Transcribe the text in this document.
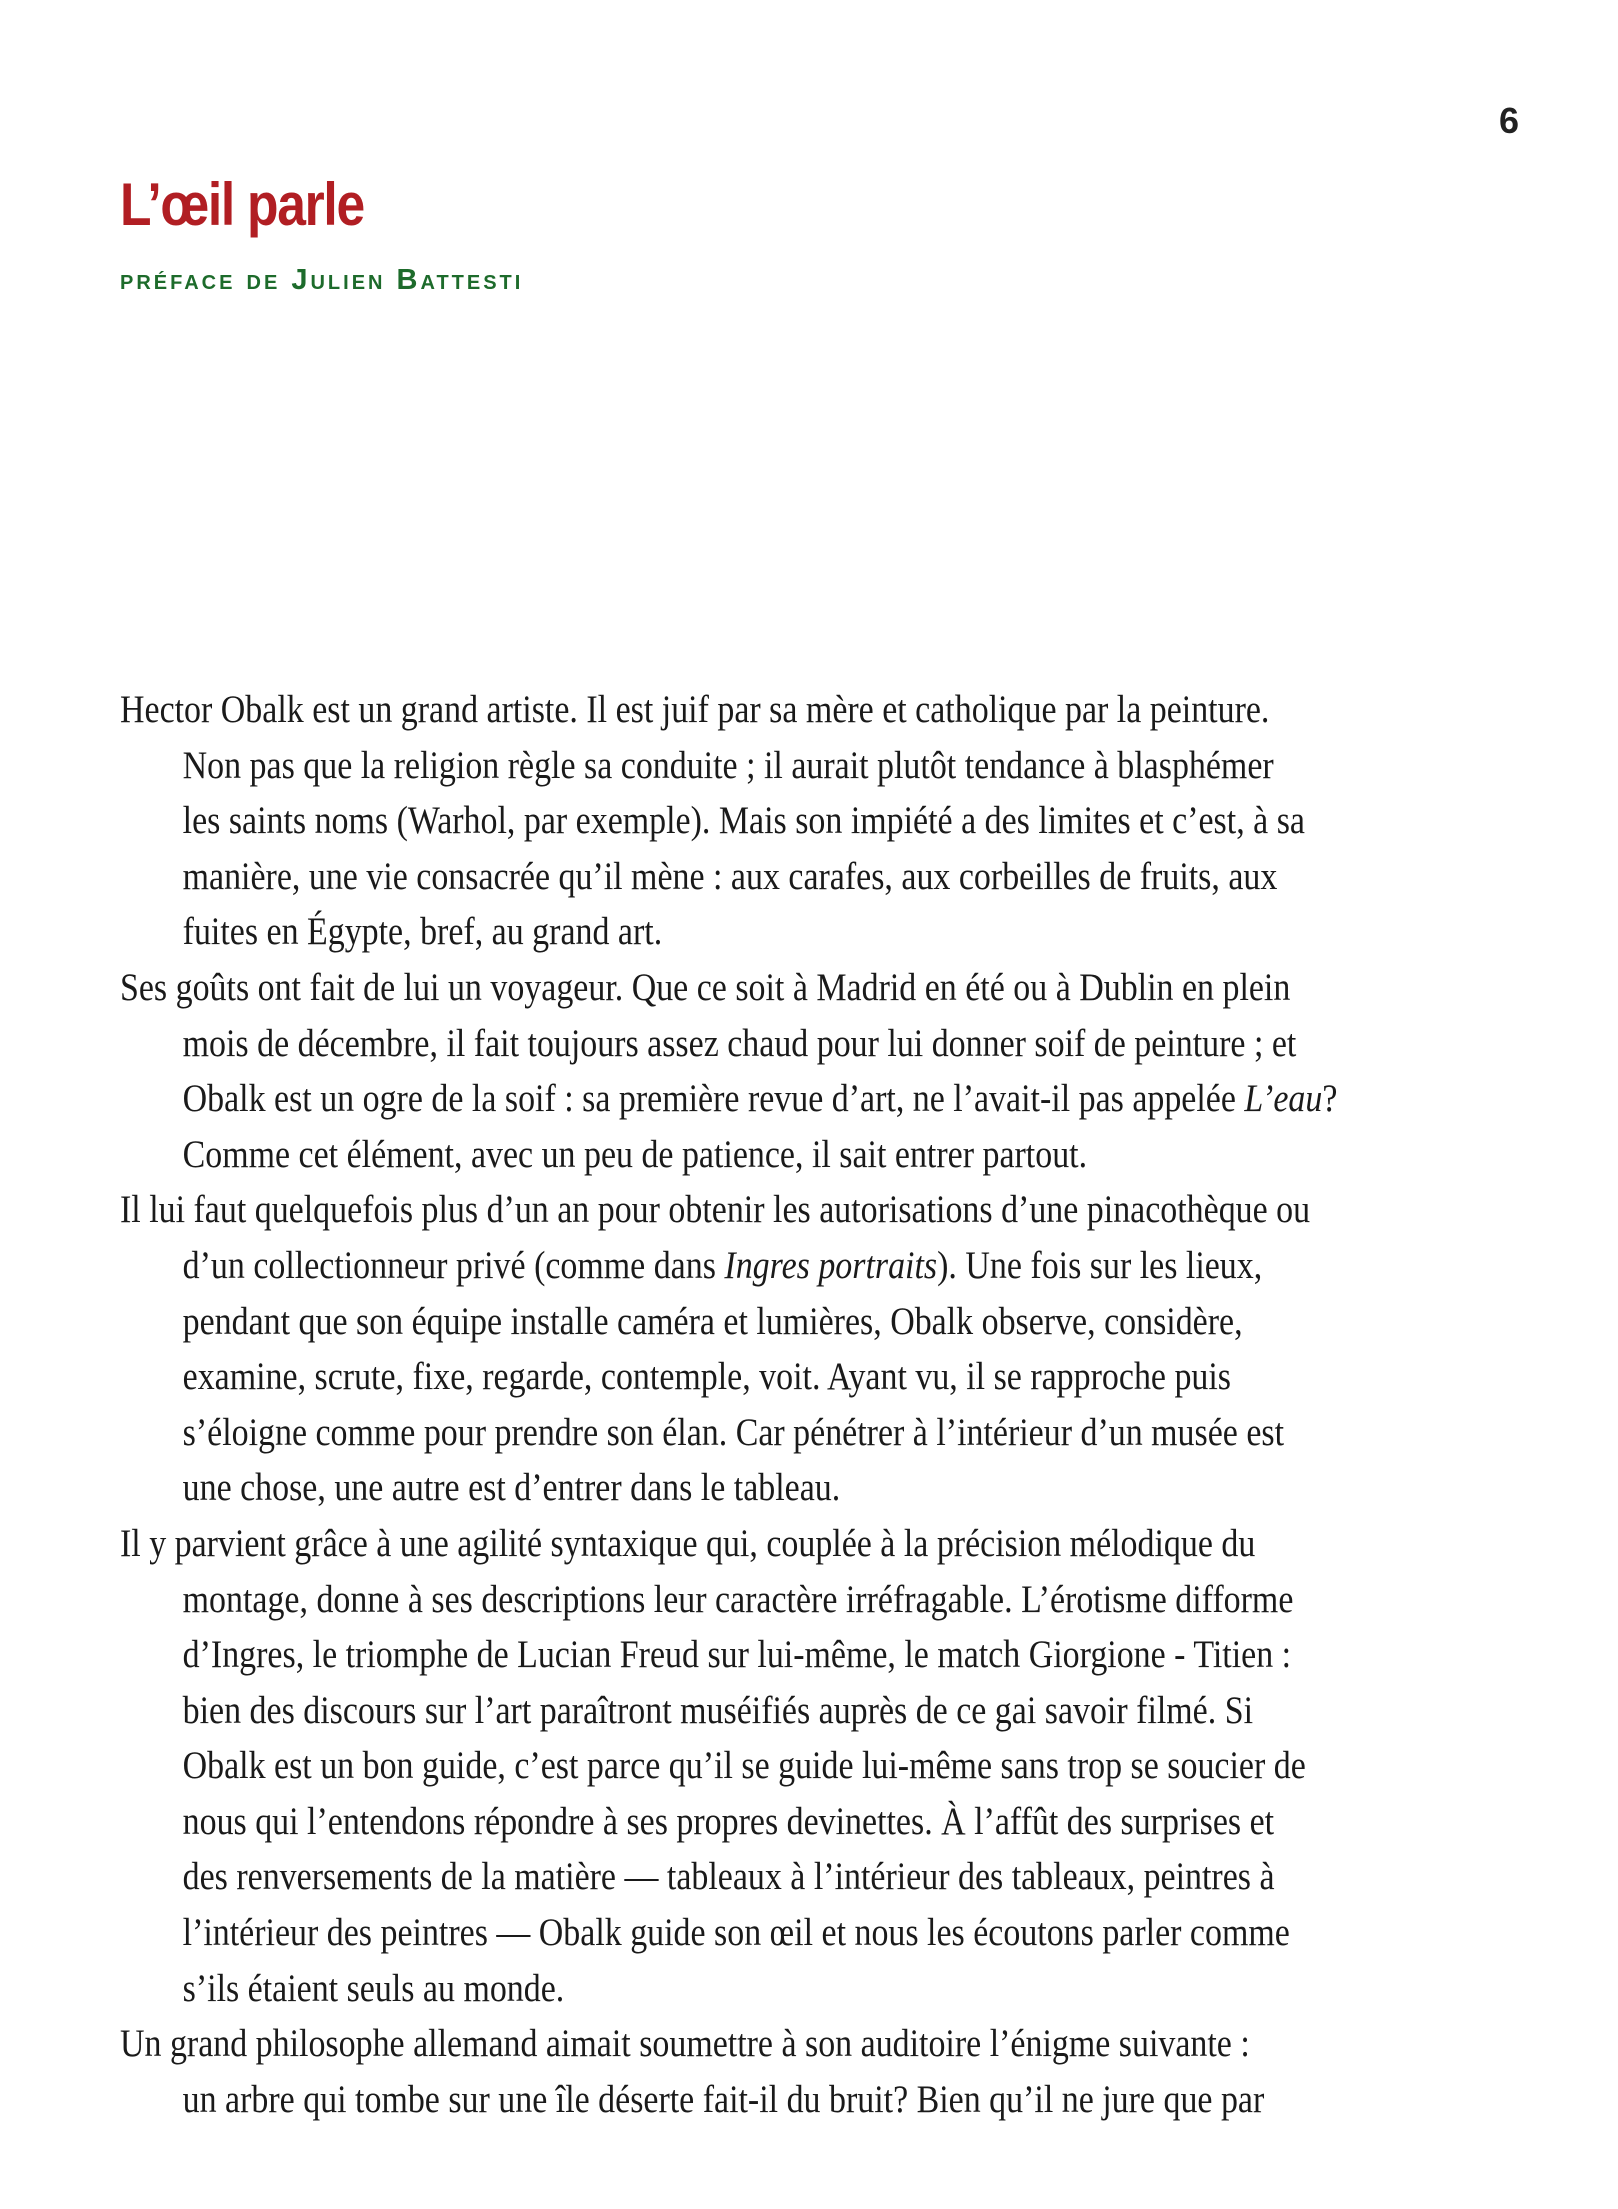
6
L’œil parle
préface de Julien Battesti
Hector Obalk est un grand artiste. Il est juif par sa mère et catholique par la peinture.
Non pas que la religion règle sa conduite ; il aurait plutôt tendance à blasphémer
les saints noms (Warhol, par exemple). Mais son impiété a des limites et c’est, à sa
manière, une vie consacrée qu’il mène : aux carafes, aux corbeilles de fruits, aux
fuites en Égypte, bref, au grand art.
Ses goûts ont fait de lui un voyageur. Que ce soit à Madrid en été ou à Dublin en plein
mois de décembre, il fait toujours assez chaud pour lui donner soif de peinture ; et
Obalk est un ogre de la soif : sa première revue d’art, ne l’avait-il pas appelée L’eau?
Comme cet élément, avec un peu de patience, il sait entrer partout.
Il lui faut quelquefois plus d’un an pour obtenir les autorisations d’une pinacothèque ou
d’un collectionneur privé (comme dans Ingres portraits). Une fois sur les lieux,
pendant que son équipe installe caméra et lumières, Obalk observe, considère,
examine, scrute, fixe, regarde, contemple, voit. Ayant vu, il se rapproche puis
s’éloigne comme pour prendre son élan. Car pénétrer à l’intérieur d’un musée est
une chose, une autre est d’entrer dans le tableau.
Il y parvient grâce à une agilité syntaxique qui, couplée à la précision mélodique du
montage, donne à ses descriptions leur caractère irréfragable. L’érotisme difforme
d’Ingres, le triomphe de Lucian Freud sur lui-même, le match Giorgione - Titien :
bien des discours sur l’art paraîtront muséifiés auprès de ce gai savoir filmé. Si
Obalk est un bon guide, c’est parce qu’il se guide lui-même sans trop se soucier de
nous qui l’entendons répondre à ses propres devinettes. À l’affût des surprises et
des renversements de la matière — tableaux à l’intérieur des tableaux, peintres à
l’intérieur des peintres — Obalk guide son œil et nous les écoutons parler comme
s’ils étaient seuls au monde.
Un grand philosophe allemand aimait soumettre à son auditoire l’énigme suivante :
un arbre qui tombe sur une île déserte fait-il du bruit? Bien qu’il ne jure que par
